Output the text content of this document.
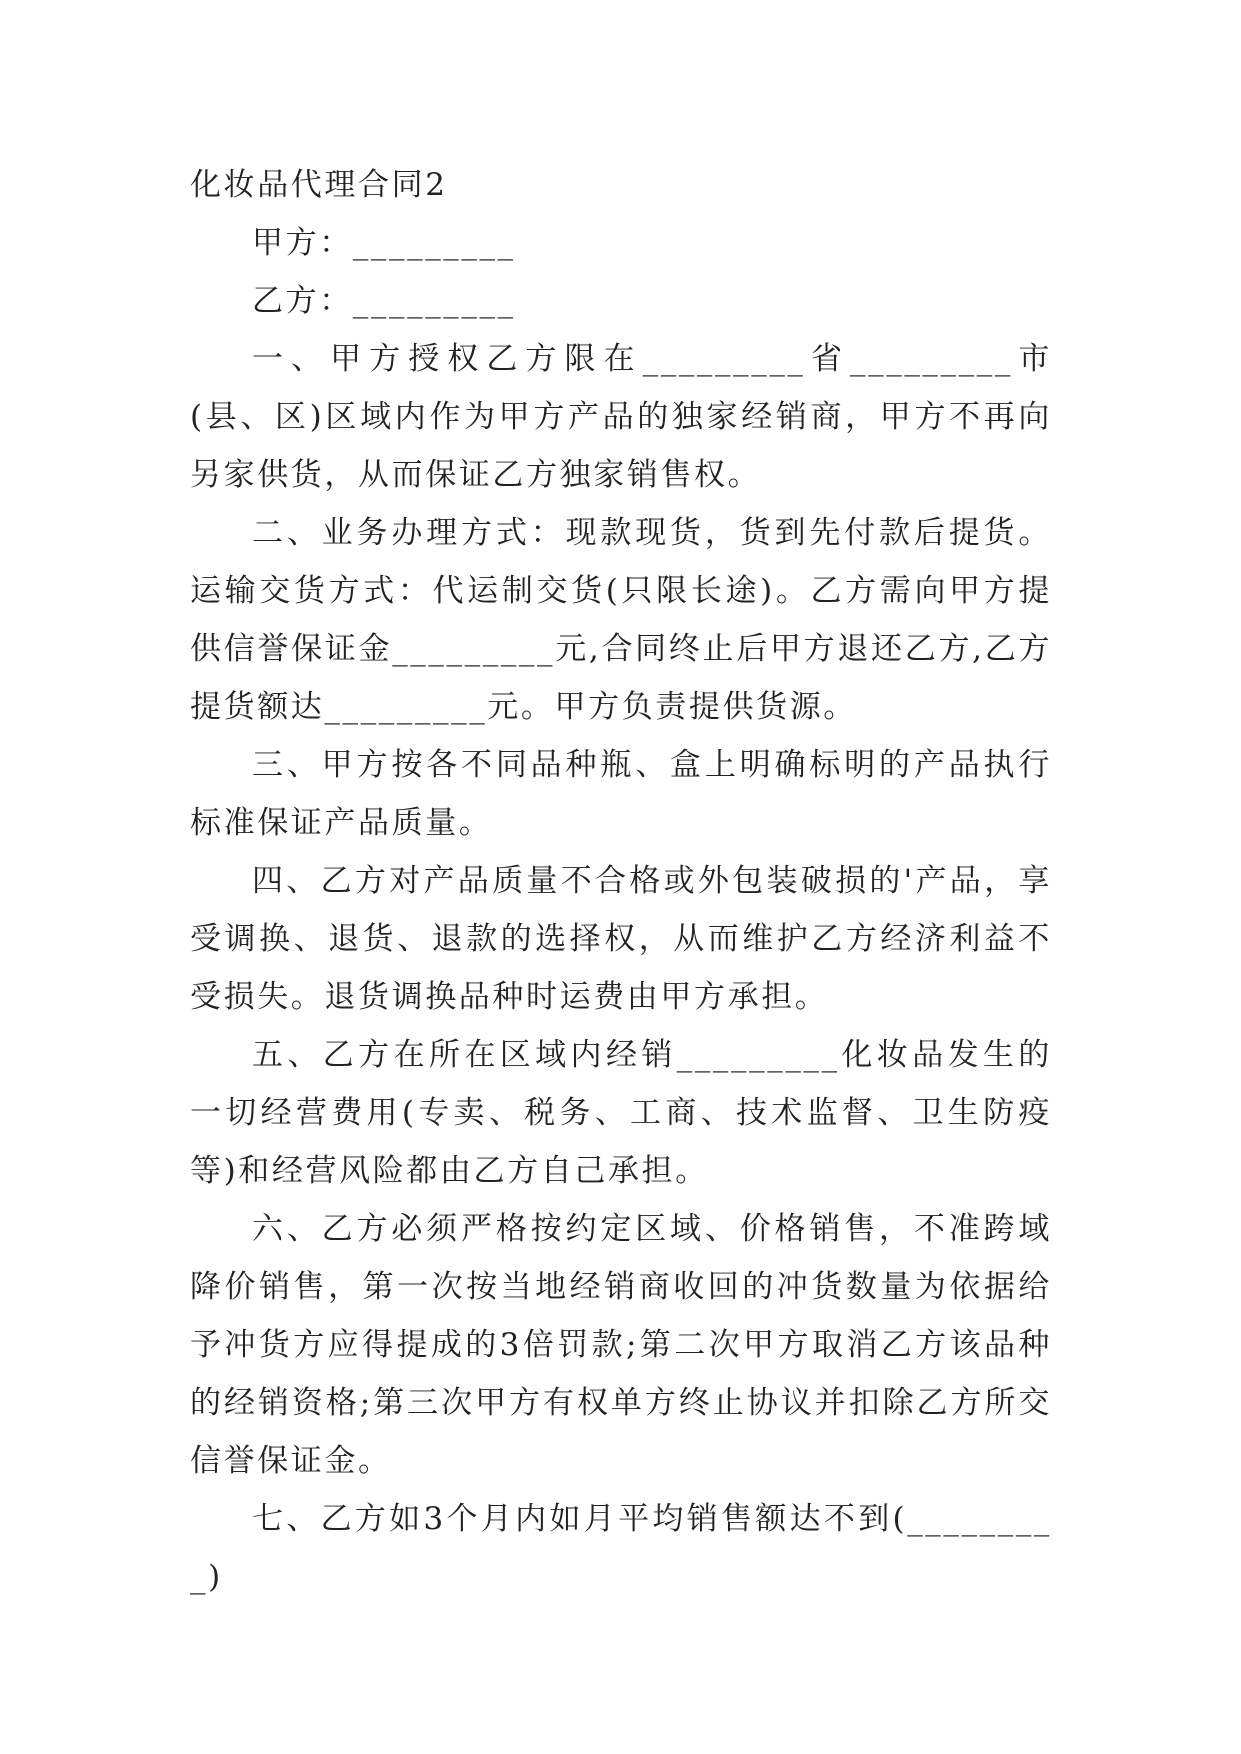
化妆品代理合同2

甲方：_________

乙方：_________

一、甲方授权乙方限在_________省_________市(县、区)区域内作为甲方产品的独家经销商，甲方不再向另家供货，从而保证乙方独家销售权。

二、业务办理方式：现款现货，货到先付款后提货。运输交货方式：代运制交货(只限长途)。乙方需向甲方提供信誉保证金_________元,合同终止后甲方退还乙方,乙方提货额达_________元。甲方负责提供货源。

三、甲方按各不同品种瓶、盒上明确标明的产品执行标准保证产品质量。

四、乙方对产品质量不合格或外包装破损的'产品，享受调换、退货、退款的选择权，从而维护乙方经济利益不受损失。退货调换品种时运费由甲方承担。

五、乙方在所在区域内经销_________化妆品发生的一切经营费用(专卖、税务、工商、技术监督、卫生防疫等)和经营风险都由乙方自己承担。

六、乙方必须严格按约定区域、价格销售，不准跨域降价销售，第一次按当地经销商收回的冲货数量为依据给予冲货方应得提成的3倍罚款;第二次甲方取消乙方该品种的经销资格;第三次甲方有权单方终止协议并扣除乙方所交信誉保证金。

七、乙方如3个月内如月平均销售额达不到(_________)
